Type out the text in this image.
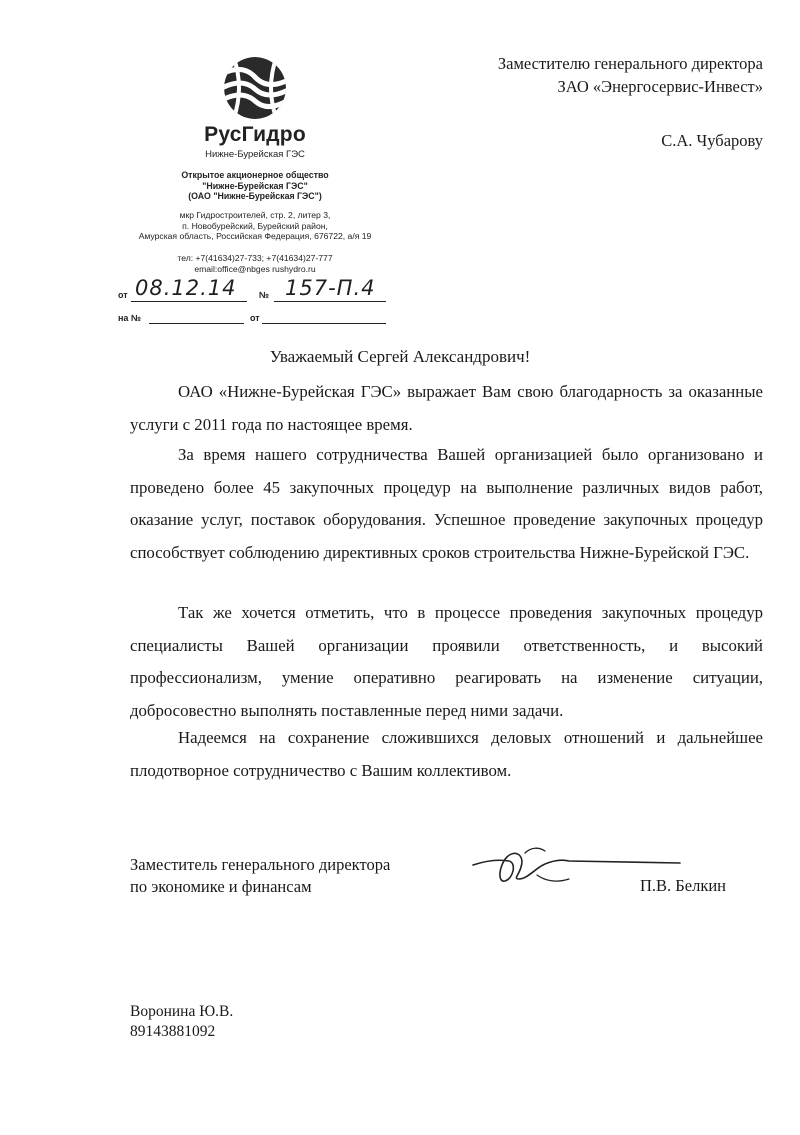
Заместителю генерального директора
ЗАО «Энергосервис-Инвест»
С.А. Чубарову
РусГидро
Нижне-Бурейская ГЭС
Открытое акционерное общество
"Нижне-Бурейская ГЭС"
(ОАО "Нижне-Бурейская ГЭС")
мкр Гидростроителей, стр. 2, литер 3,
п. Новобурейский, Бурейский район,
Амурская область, Российская Федерация, 676722, а/я 19
тел: +7(41634)27-733; +7(41634)27-777
email:office@nbges rushydro.ru
от 08.12.14 № 157-П.4
на №	от
Уважаемый Сергей Александрович!

ОАО «Нижне-Бурейская ГЭС» выражает Вам свою благодарность за оказанные услуги с 2011 года по настоящее время.

За время нашего сотрудничества Вашей организацией было организовано и проведено более 45 закупочных процедур на выполнение различных видов работ, оказание услуг, поставок оборудования. Успешное проведение закупочных процедур способствует соблюдению директивных сроков строительства Нижне-Бурейской ГЭС.

Так же хочется отметить, что в процессе проведения закупочных процедур специалисты Вашей организации проявили ответственность, и высокий профессионализм, умение оперативно реагировать на изменение ситуации, добросовестно выполнять поставленные перед ними задачи.

Надеемся на сохранение сложившихся деловых отношений и дальнейшее плодотворное сотрудничество с Вашим коллективом.

Заместитель генерального директора
по экономике и финансам	П.В. Белкин
Воронина Ю.В.
89143881092
